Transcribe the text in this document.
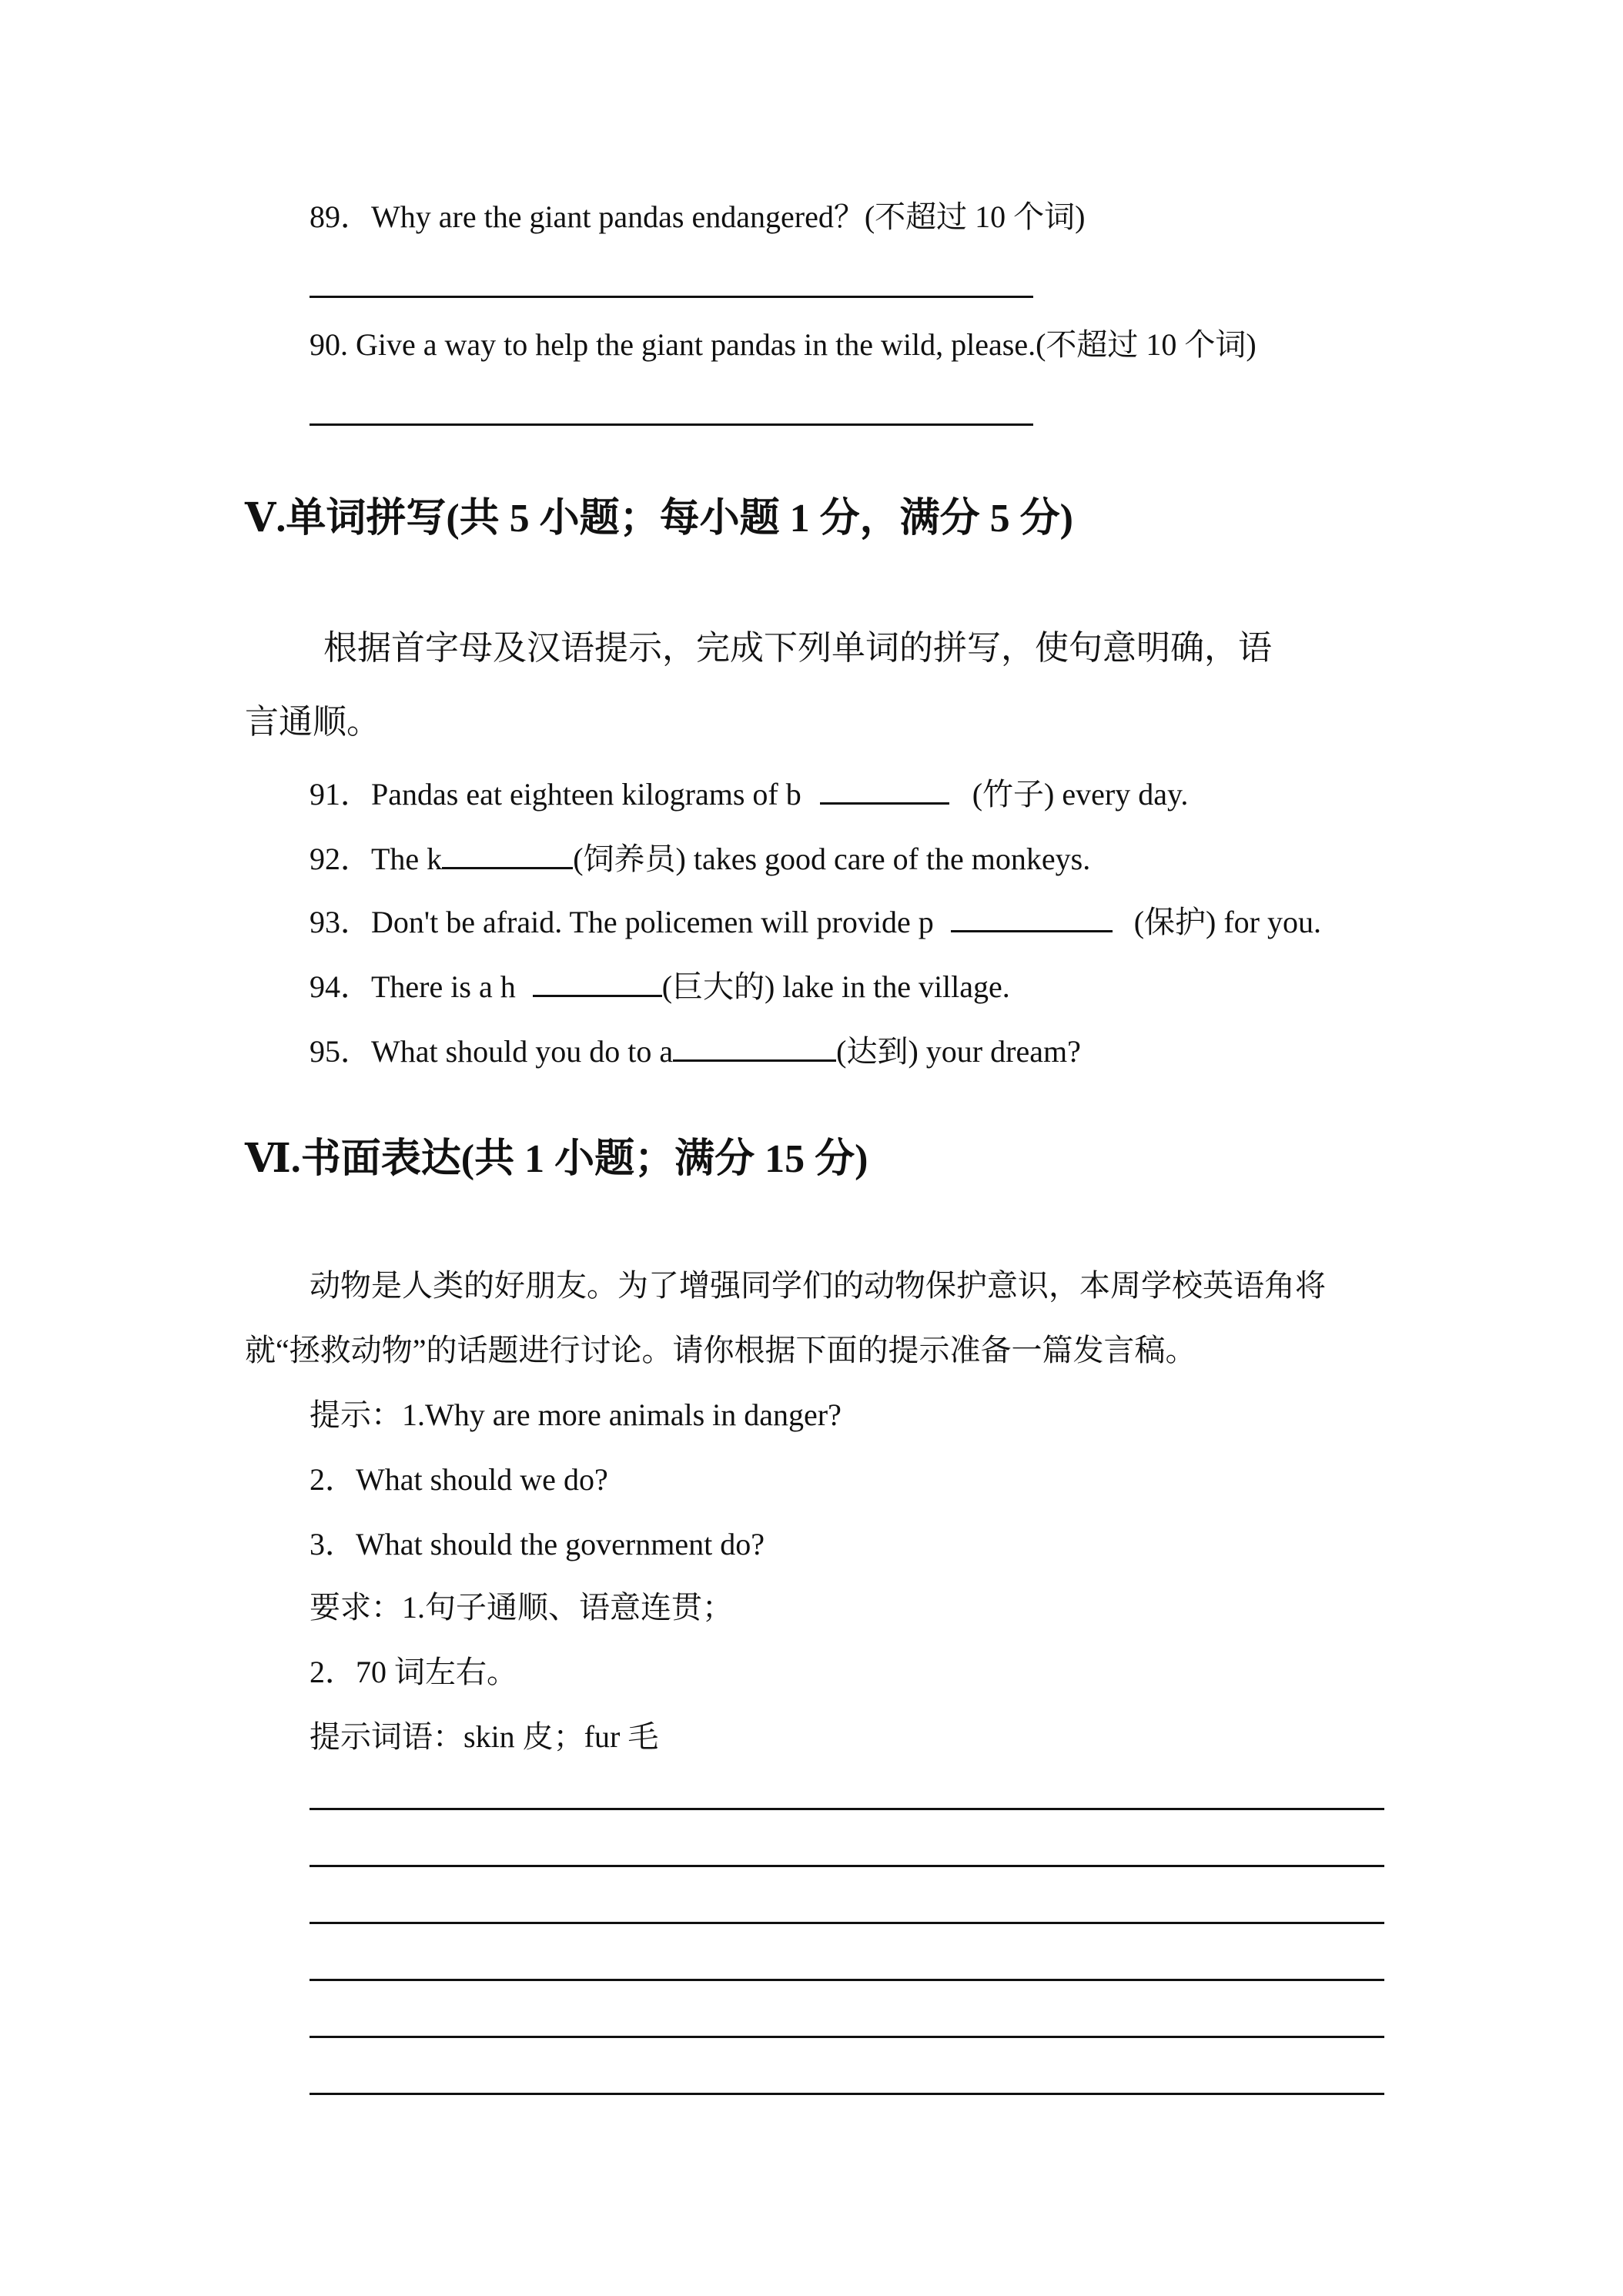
89．Why are the giant pandas endangered？(不超过 10 个词)
90. Give a way to help the giant pandas in the wild, please.(不超过 10 个词)
Ⅴ.单词拼写(共 5 小题；每小题 1 分，满分 5 分)
根据首字母及汉语提示，完成下列单词的拼写，使句意明确，语
言通顺。
91．Pandas eat eighteen kilograms of b	(竹子) every day.
92．The k	(饲养员) takes good care of the monkeys.
93．Don't be afraid. The policemen will provide p	(保护) for you.
94．There is a h	(巨大的) lake in the village.
95．What should you do to a	(达到) your dream?
Ⅵ.书面表达(共 1 小题；满分 15 分)
动物是人类的好朋友。为了增强同学们的动物保护意识，本周学校英语角将
就“拯救动物”的话题进行讨论。请你根据下面的提示准备一篇发言稿。
提示：1.Why are more animals in danger?
2．What should we do?
3．What should the government do?
要求：1.句子通顺、语意连贯；
2．70 词左右。
提示词语：skin 皮；fur 毛
